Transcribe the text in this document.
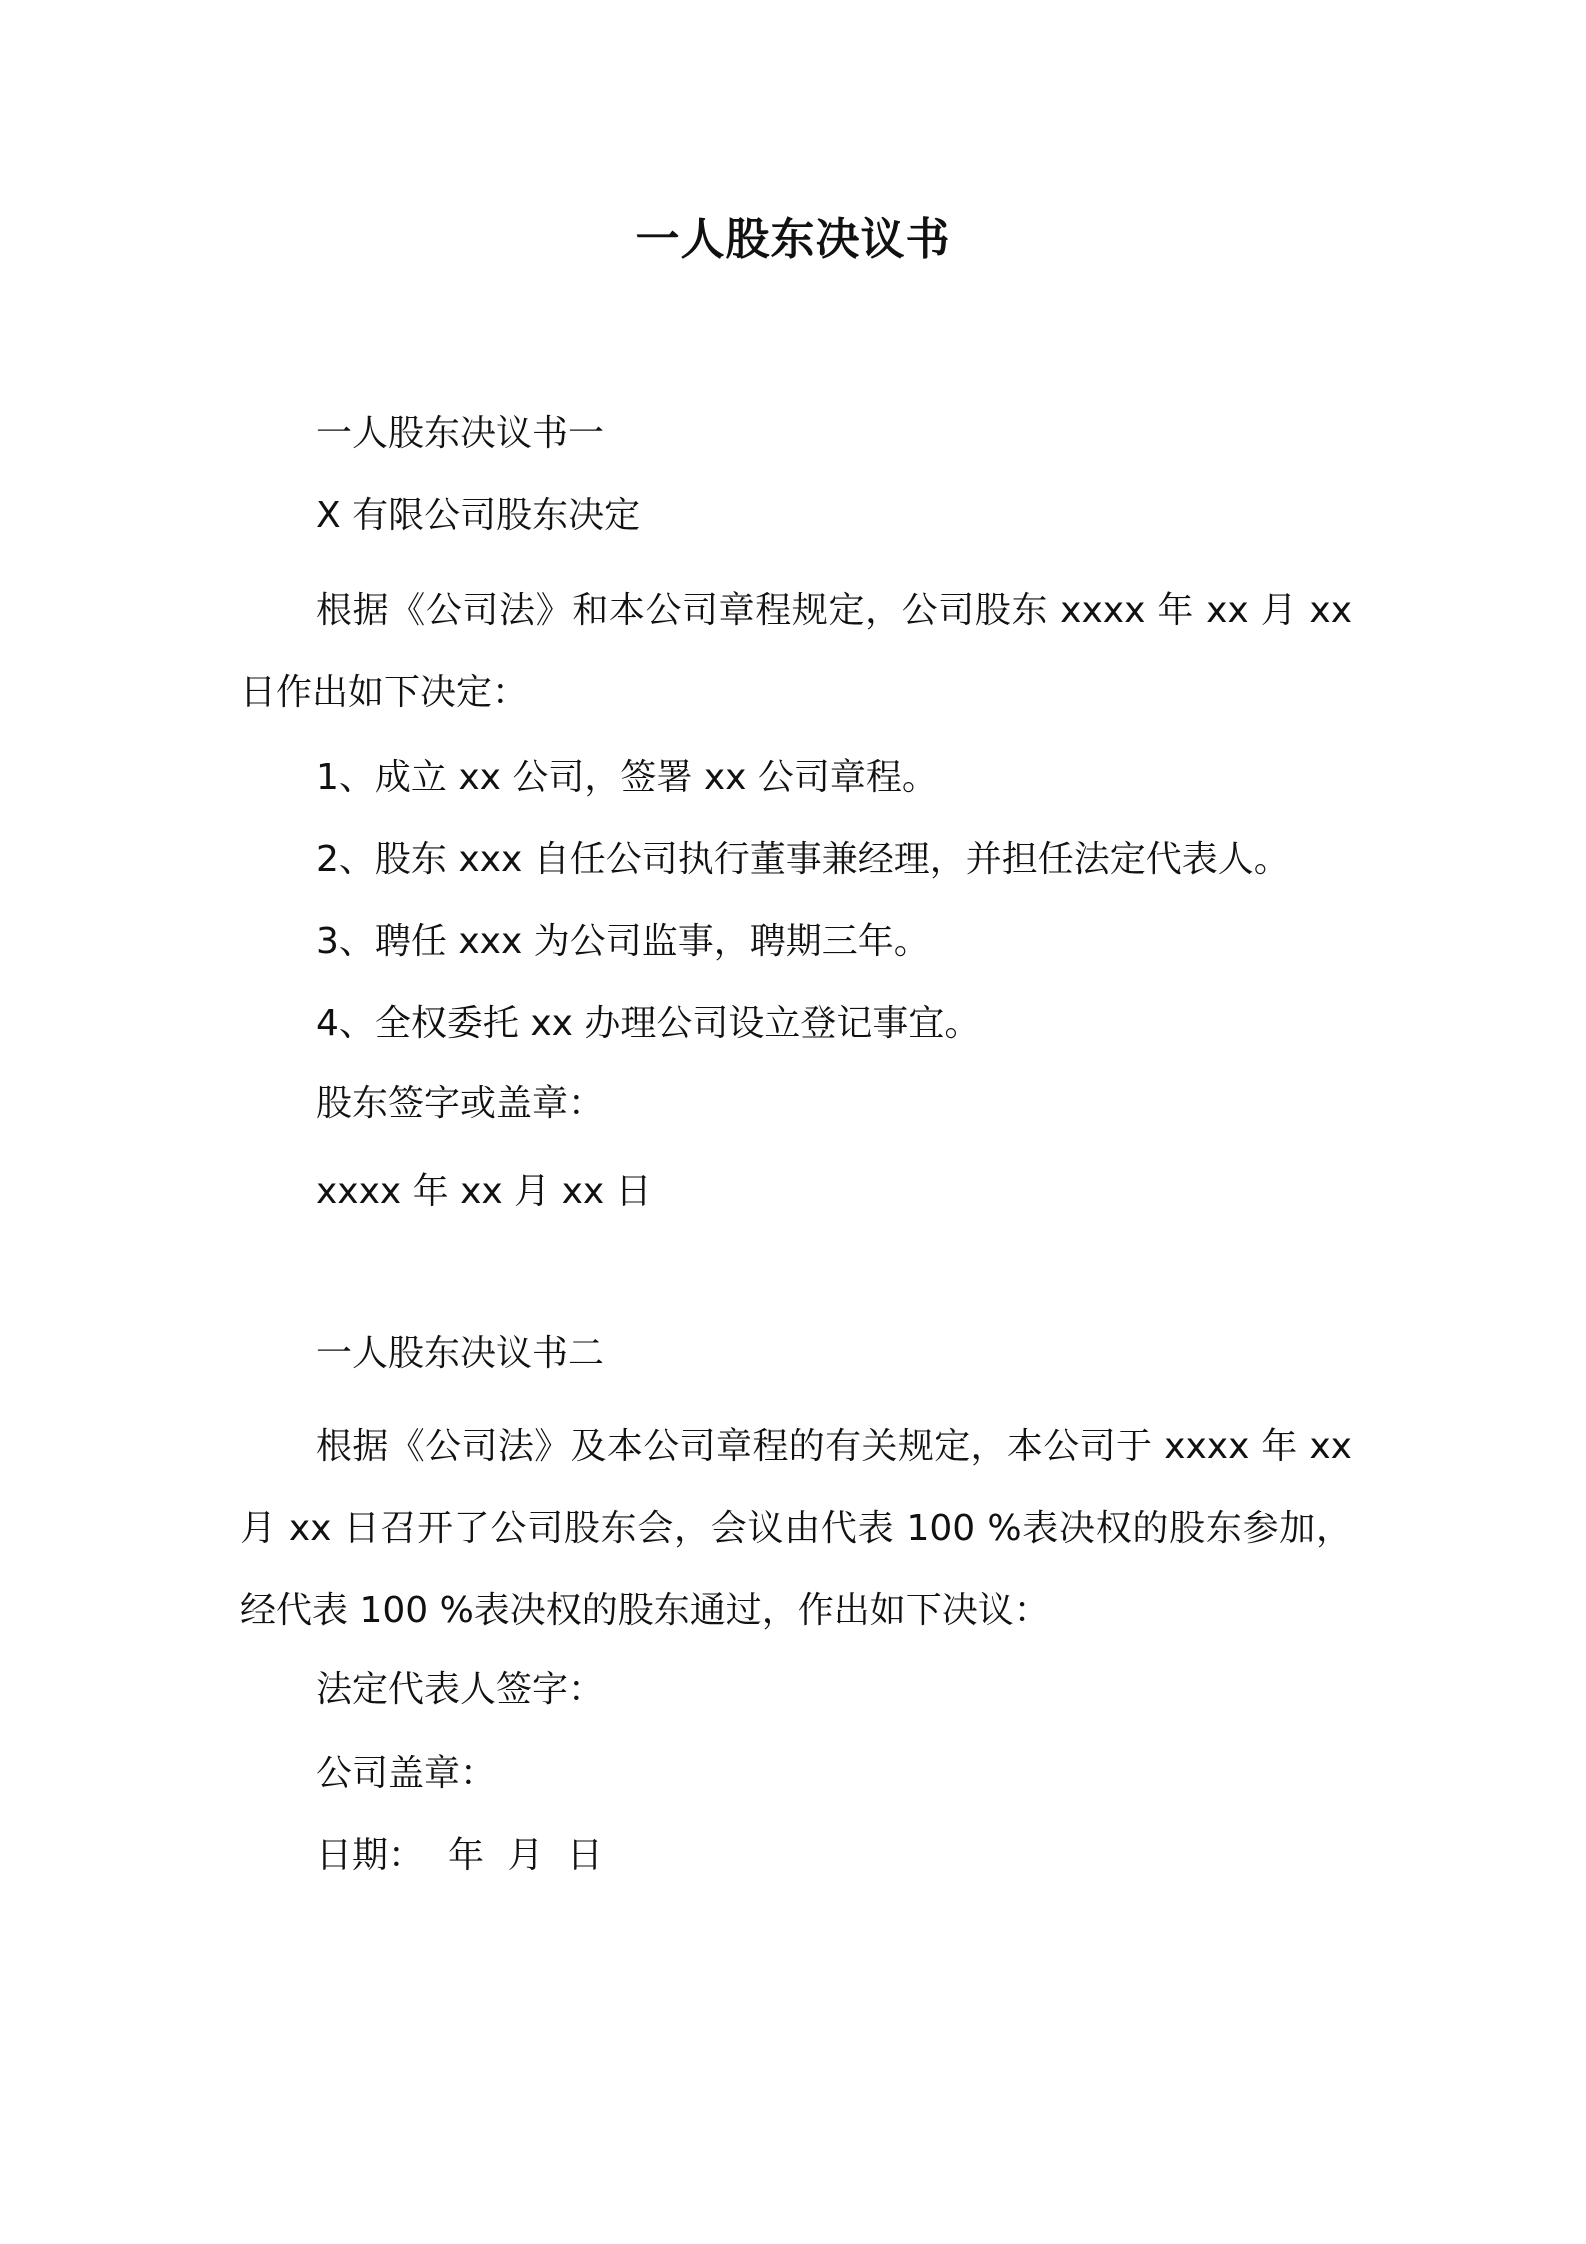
一人股东决议书
一人股东决议书一
X 有限公司股东决定
根据《公司法》和本公司章程规定，公司股东 xxxx 年 xx 月 xx 日作出如下决定：
1、成立 xx 公司，签署 xx 公司章程。
2、股东 xxx 自任公司执行董事兼经理，并担任法定代表人。
3、聘任 xxx 为公司监事，聘期三年。
4、全权委托 xx 办理公司设立登记事宜。
股东签字或盖章：
xxxx 年 xx 月 xx 日
一人股东决议书二
根据《公司法》及本公司章程的有关规定，本公司于 xxxx 年 xx 月 xx 日召开了公司股东会，会议由代表 100 %表决权的股东参加，经代表 100 %表决权的股东通过，作出如下决议：
法定代表人签字：
公司盖章：
日期： 年 月 日
